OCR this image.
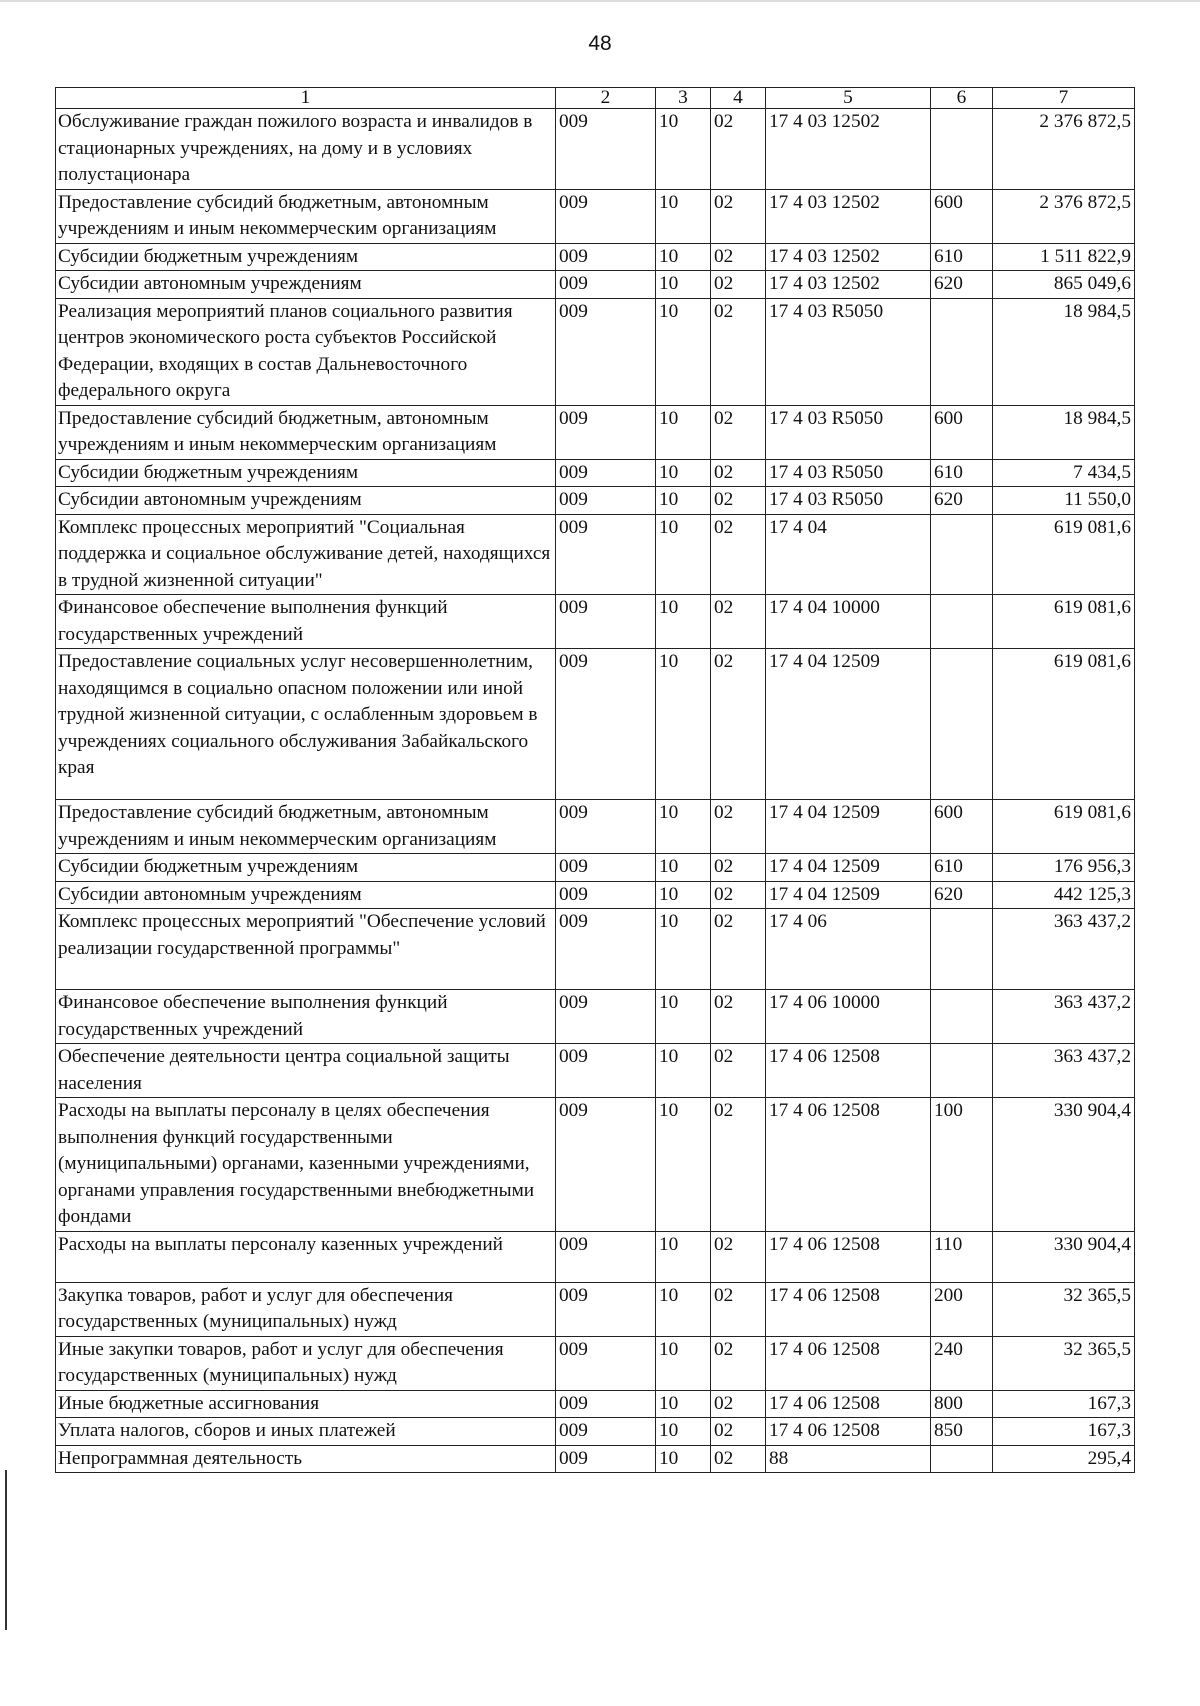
48
1	2	3	4	5	6	7
Обслуживание граждан пожилого возраста и инвалидов в стационарных учреждениях, на дому и в условиях полустационара	009	10	02	17 4 03 12502		2 376 872,5
Предоставление субсидий бюджетным, автономным учреждениям и иным некоммерческим организациям	009	10	02	17 4 03 12502	600	2 376 872,5
Субсидии бюджетным учреждениям	009	10	02	17 4 03 12502	610	1 511 822,9
Субсидии автономным учреждениям	009	10	02	17 4 03 12502	620	865 049,6
Реализация мероприятий планов социального развития центров экономического роста субъектов Российской Федерации, входящих в состав Дальневосточного федерального округа	009	10	02	17 4 03 R5050		18 984,5
Предоставление субсидий бюджетным, автономным учреждениям и иным некоммерческим организациям	009	10	02	17 4 03 R5050	600	18 984,5
Субсидии бюджетным учреждениям	009	10	02	17 4 03 R5050	610	7 434,5
Субсидии автономным учреждениям	009	10	02	17 4 03 R5050	620	11 550,0
Комплекс процессных мероприятий "Социальная поддержка и социальное обслуживание детей, находящихся в трудной жизненной ситуации"	009	10	02	17 4 04		619 081,6
Финансовое обеспечение выполнения функций государственных учреждений	009	10	02	17 4 04 10000		619 081,6
Предоставление социальных услуг несовершеннолетним, находящимся в социально опасном положении или иной трудной жизненной ситуации, с ослабленным здоровьем в учреждениях социального обслуживания Забайкальского края	009	10	02	17 4 04 12509		619 081,6
Предоставление субсидий бюджетным, автономным учреждениям и иным некоммерческим организациям	009	10	02	17 4 04 12509	600	619 081,6
Субсидии бюджетным учреждениям	009	10	02	17 4 04 12509	610	176 956,3
Субсидии автономным учреждениям	009	10	02	17 4 04 12509	620	442 125,3
Комплекс процессных мероприятий "Обеспечение условий реализации государственной программы"	009	10	02	17 4 06		363 437,2
Финансовое обеспечение выполнения функций государственных учреждений	009	10	02	17 4 06 10000		363 437,2
Обеспечение деятельности центра социальной защиты населения	009	10	02	17 4 06 12508		363 437,2
Расходы на выплаты персоналу в целях обеспечения выполнения функций государственными (муниципальными) органами, казенными учреждениями, органами управления государственными внебюджетными фондами	009	10	02	17 4 06 12508	100	330 904,4
Расходы на выплаты персоналу казенных учреждений	009	10	02	17 4 06 12508	110	330 904,4
Закупка товаров, работ и услуг для обеспечения государственных (муниципальных) нужд	009	10	02	17 4 06 12508	200	32 365,5
Иные закупки товаров, работ и услуг для обеспечения государственных (муниципальных) нужд	009	10	02	17 4 06 12508	240	32 365,5
Иные бюджетные ассигнования	009	10	02	17 4 06 12508	800	167,3
Уплата налогов, сборов и иных платежей	009	10	02	17 4 06 12508	850	167,3
Непрограммная деятельность	009	10	02	88		295,4
